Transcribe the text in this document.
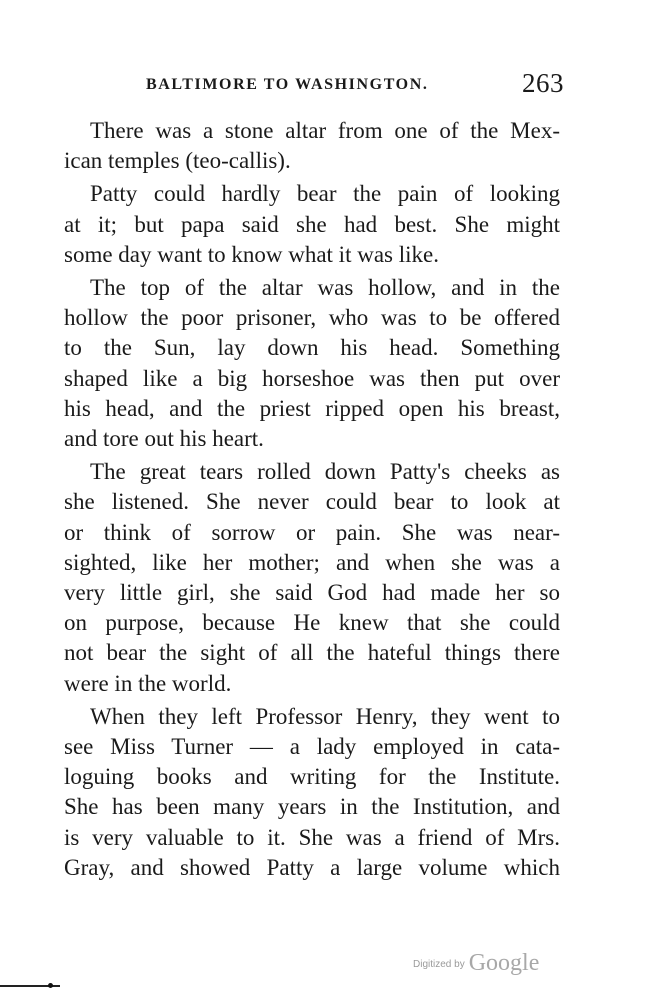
BALTIMORE TO WASHINGTON.	263

There was a stone altar from one of the Mex-
ican temples (teo-callis).

Patty could hardly bear the pain of looking
at it; but papa said she had best. She might
some day want to know what it was like.

The top of the altar was hollow, and in the
hollow the poor prisoner, who was to be offered
to the Sun, lay down his head. Something
shaped like a big horseshoe was then put over
his head, and the priest ripped open his breast,
and tore out his heart.

The great tears rolled down Patty's cheeks as
she listened. She never could bear to look at
or think of sorrow or pain. She was near-
sighted, like her mother; and when she was a
very little girl, she said God had made her so
on purpose, because He knew that she could
not bear the sight of all the hateful things there
were in the world.

When they left Professor Henry, they went to
see Miss Turner — a lady employed in cata-
loguing books and writing for the Institute.
She has been many years in the Institution, and
is very valuable to it. She was a friend of Mrs.
Gray, and showed Patty a large volume which

Digitized by Google
